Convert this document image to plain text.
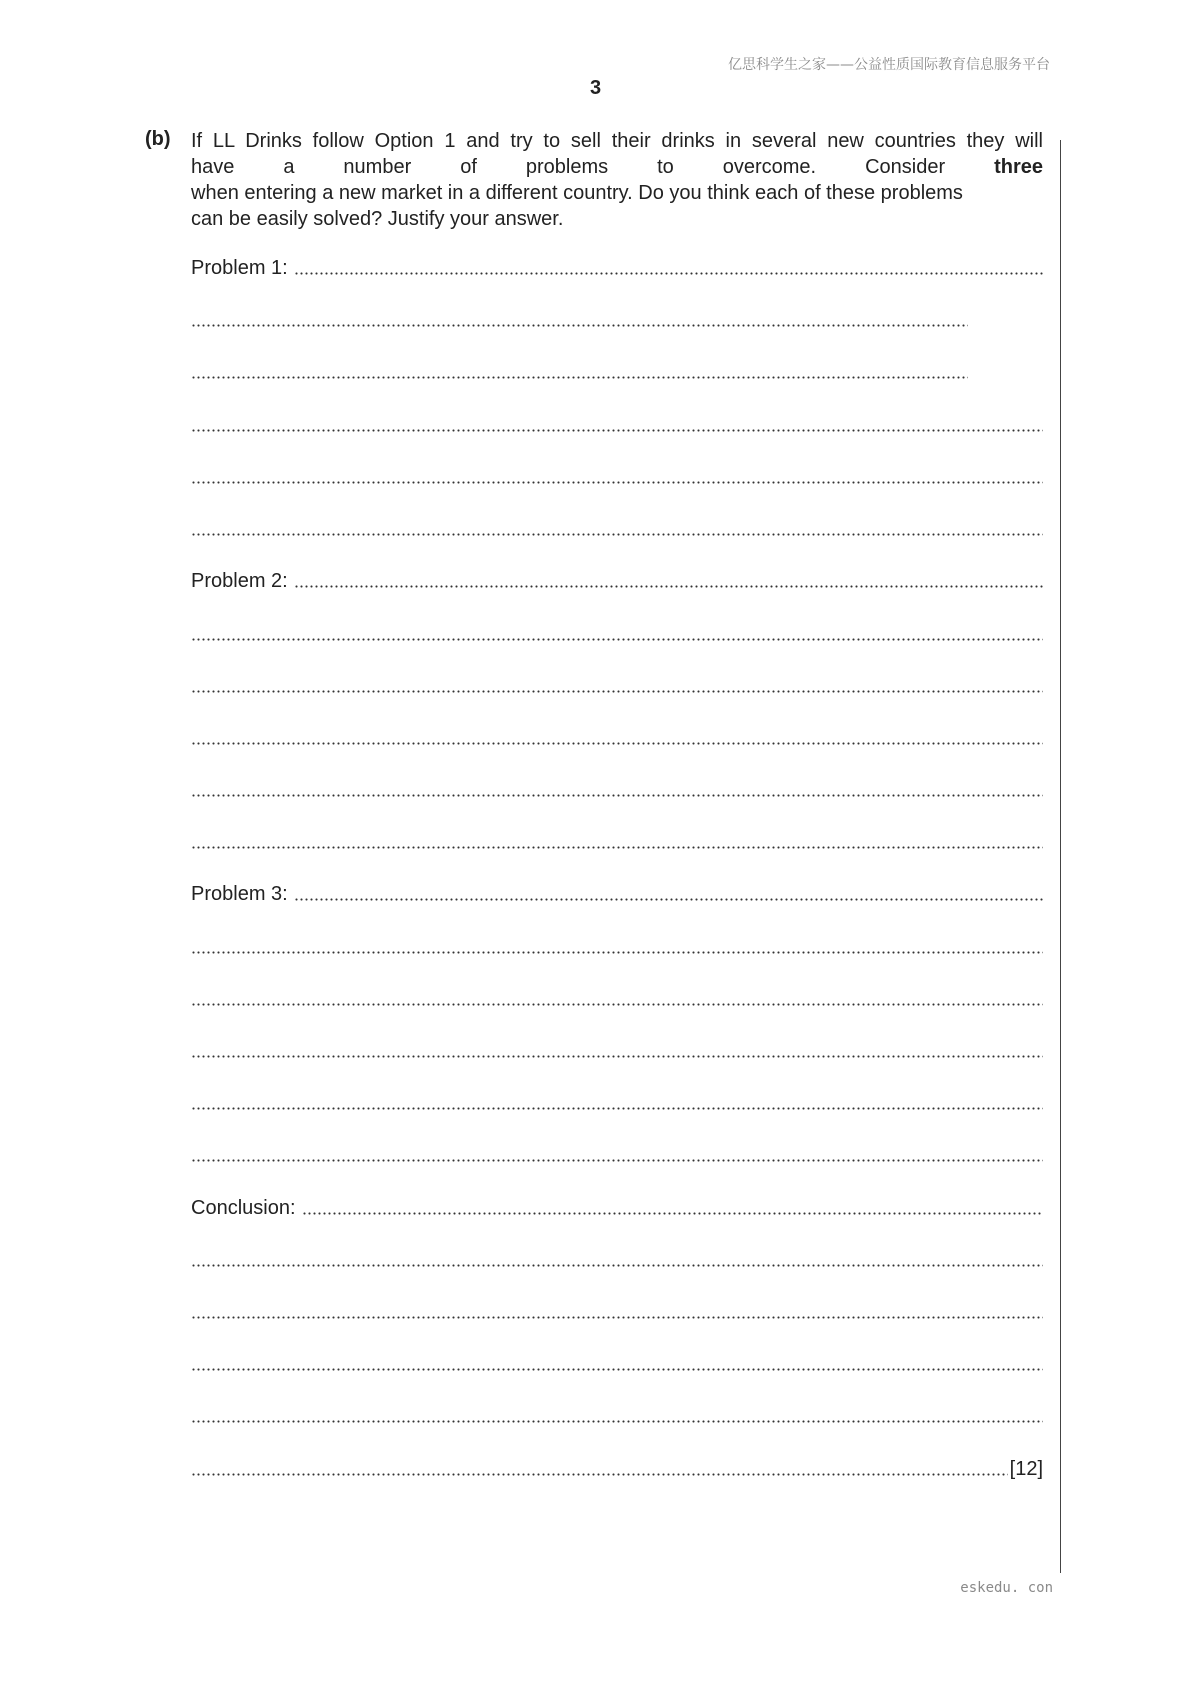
亿思科学生之家——公益性质国际教育信息服务平台
3
(b) If LL Drinks follow Option 1 and try to sell their drinks in several new countries they will

have a number of problems to overcome. Consider three

when entering a new market in a different country. Do you think each of these problems

can be easily solved? Justify your answer.

Problem 1:
Problem 2:
Problem 3:
Conclusion:
[12]
eskedu. con
